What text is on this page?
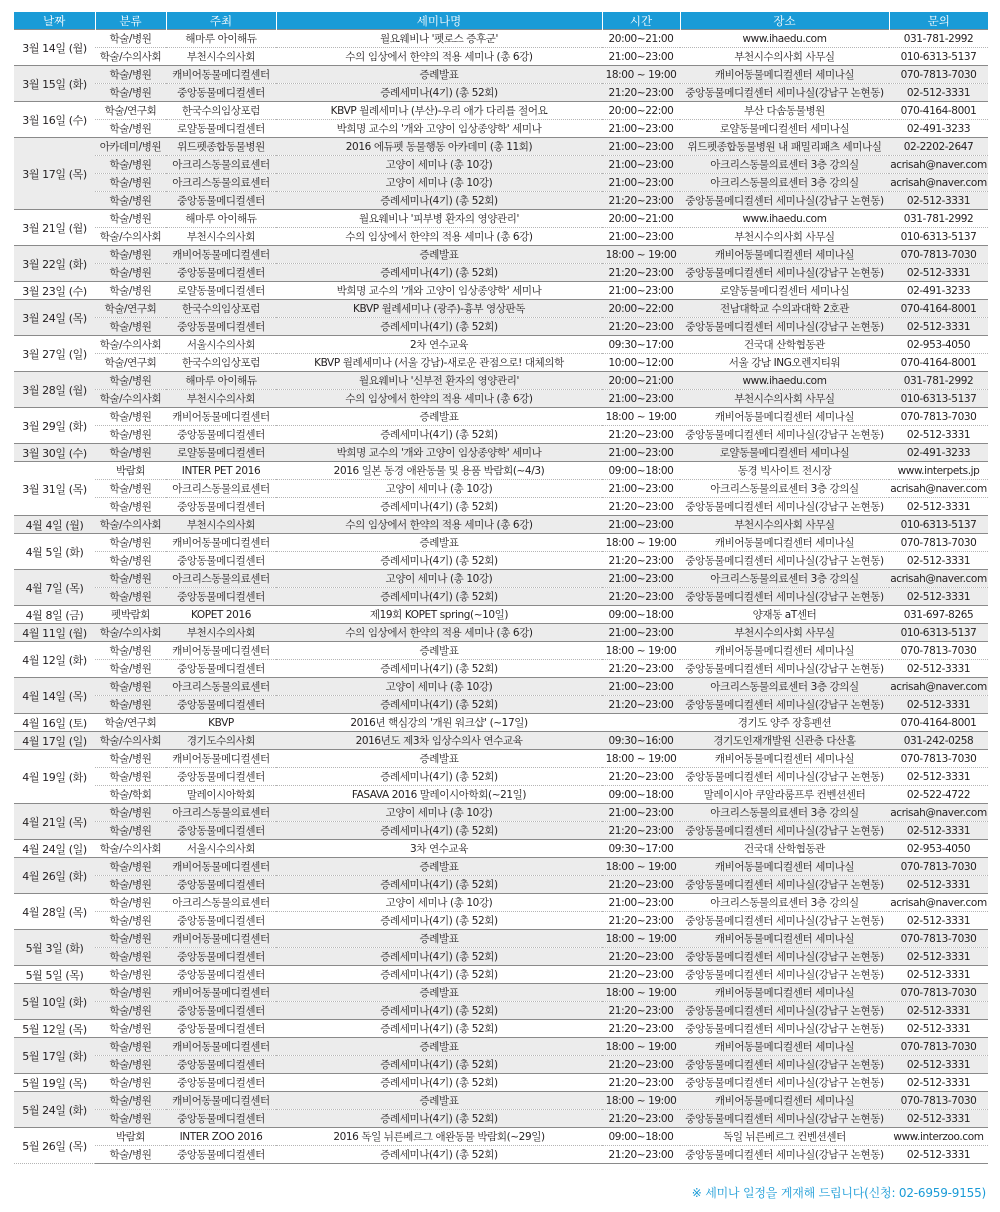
날짜	분류	주최	세미나명	시간	장소	문의
3월 14일 (월)	학술/병원	해마루 아이해듀	월요웨비나 '펫로스 증후군'	20:00~21:00	www.ihaedu.com	031-781-2992
	학술/수의사회	부천시수의사회	수의 임상에서 한약의 적용 세미나 (총 6강)	21:00~23:00	부천시수의사회 사무실	010-6313-5137
3월 15일 (화)	학술/병원	캐비어동물메디컬센터	증례발표	18:00 ~ 19:00	캐비어동물메디컬센터 세미나실	070-7813-7030
	학술/병원	중앙동물메디컬센터	증례세미나(4기) (총 52회)	21:20~23:00	중앙동물메디컬센터 세미나실(강남구 논현동)	02-512-3331
3월 16일 (수)	학술/연구회	한국수의임상포럼	KBVP 월례세미나 (부산)-우리 애가 다리를 절어요	20:00~22:00	부산 다솜동물병원	070-4164-8001
	학술/병원	로얄동물메디컬센터	박희명 교수의 '개와 고양이 임상종양학' 세미나	21:00~23:00	로얄동물메디컬센터 세미나실	02-491-3233
3월 17일 (목)	아카데미/병원	위드펫종합동물병원	2016 에듀펫 동물행동 아카데미 (총 11회)	21:00~23:00	위드펫종합동물병원 내 패밀리패츠 세미나실	02-2202-2647
	학술/병원	아크리스동물의료센터	고양이 세미나 (총 10강)	21:00~23:00	아크리스동물의료센터 3층 강의실	acrisah@naver.com
	학술/병원	아크리스동물의료센터	고양이 세미나 (총 10강)	21:00~23:00	아크리스동물의료센터 3층 강의실	acrisah@naver.com
	학술/병원	중앙동물메디컬센터	증례세미나(4기) (총 52회)	21:20~23:00	중앙동물메디컬센터 세미나실(강남구 논현동)	02-512-3331
3월 21일 (월)	학술/병원	해마루 아이해듀	월요웨비나 '피부병 환자의 영양관리'	20:00~21:00	www.ihaedu.com	031-781-2992
	학술/수의사회	부천시수의사회	수의 임상에서 한약의 적용 세미나 (총 6강)	21:00~23:00	부천시수의사회 사무실	010-6313-5137
3월 22일 (화)	학술/병원	캐비어동물메디컬센터	증례발표	18:00 ~ 19:00	캐비어동물메디컬센터 세미나실	070-7813-7030
	학술/병원	중앙동물메디컬센터	증례세미나(4기) (총 52회)	21:20~23:00	중앙동물메디컬센터 세미나실(강남구 논현동)	02-512-3331
3월 23일 (수)	학술/병원	로얄동물메디컬센터	박희명 교수의 '개와 고양이 임상종양학' 세미나	21:00~23:00	로얄동물메디컬센터 세미나실	02-491-3233
3월 24일 (목)	학술/연구회	한국수의임상포럼	KBVP 월례세미나 (광주)-흉부 영상판독	20:00~22:00	전남대학교 수의과대학 2호관	070-4164-8001
	학술/병원	중앙동물메디컬센터	증례세미나(4기) (총 52회)	21:20~23:00	중앙동물메디컬센터 세미나실(강남구 논현동)	02-512-3331
3월 27일 (일)	학술/수의사회	서울시수의사회	2차 연수교육	09:30~17:00	건국대 산학협동관	02-953-4050
	학술/연구회	한국수의임상포럼	KBVP 월례세미나 (서울 강남)-새로운 관점으로! 대체의학	10:00~12:00	서울 강남 ING오렌지티워	070-4164-8001
3월 28일 (월)	학술/병원	해마루 아이해듀	월요웨비나 '신부전 환자의 영양관리'	20:00~21:00	www.ihaedu.com	031-781-2992
	학술/수의사회	부천시수의사회	수의 임상에서 한약의 적용 세미나 (총 6강)	21:00~23:00	부천시수의사회 사무실	010-6313-5137
3월 29일 (화)	학술/병원	캐비어동물메디컬센터	증례발표	18:00 ~ 19:00	캐비어동물메디컬센터 세미나실	070-7813-7030
	학술/병원	중앙동물메디컬센터	증례세미나(4기) (총 52회)	21:20~23:00	중앙동물메디컬센터 세미나실(강남구 논현동)	02-512-3331
3월 30일 (수)	학술/병원	로얄동물메디컬센터	박희명 교수의 '개와 고양이 임상종양학' 세미나	21:00~23:00	로얄동물메디컬센터 세미나실	02-491-3233
3월 31일 (목)	박람회	INTER PET 2016	2016 일본 동경 애완동물 및 용품 박람회(~4/3)	09:00~18:00	동경 빅사이트 전시장	www.interpets.jp
	학술/병원	아크리스동물의료센터	고양이 세미나 (총 10강)	21:00~23:00	아크리스동물의료센터 3층 강의실	acrisah@naver.com
	학술/병원	중앙동물메디컬센터	증례세미나(4기) (총 52회)	21:20~23:00	중앙동물메디컬센터 세미나실(강남구 논현동)	02-512-3331
4월 4일 (월)	학술/수의사회	부천시수의사회	수의 임상에서 한약의 적용 세미나 (총 6강)	21:00~23:00	부천시수의사회 사무실	010-6313-5137
4월 5일 (화)	학술/병원	캐비어동물메디컬센터	증례발표	18:00 ~ 19:00	캐비어동물메디컬센터 세미나실	070-7813-7030
	학술/병원	중앙동물메디컬센터	증례세미나(4기) (총 52회)	21:20~23:00	중앙동물메디컬센터 세미나실(강남구 논현동)	02-512-3331
4월 7일 (목)	학술/병원	아크리스동물의료센터	고양이 세미나 (총 10강)	21:00~23:00	아크리스동물의료센터 3층 강의실	acrisah@naver.com
	학술/병원	중앙동물메디컬센터	증례세미나(4기) (총 52회)	21:20~23:00	중앙동물메디컬센터 세미나실(강남구 논현동)	02-512-3331
4월 8일 (금)	펫박람회	KOPET 2016	제19회 KOPET spring(~10일)	09:00~18:00	양재동 aT센터	031-697-8265
4월 11일 (월)	학술/수의사회	부천시수의사회	수의 임상에서 한약의 적용 세미나 (총 6강)	21:00~23:00	부천시수의사회 사무실	010-6313-5137
4월 12일 (화)	학술/병원	캐비어동물메디컬센터	증례발표	18:00 ~ 19:00	캐비어동물메디컬센터 세미나실	070-7813-7030
	학술/병원	중앙동물메디컬센터	증례세미나(4기) (총 52회)	21:20~23:00	중앙동물메디컬센터 세미나실(강남구 논현동)	02-512-3331
4월 14일 (목)	학술/병원	아크리스동물의료센터	고양이 세미나 (총 10강)	21:00~23:00	아크리스동물의료센터 3층 강의실	acrisah@naver.com
	학술/병원	중앙동물메디컬센터	증례세미나(4기) (총 52회)	21:20~23:00	중앙동물메디컬센터 세미나실(강남구 논현동)	02-512-3331
4월 16일 (토)	학술/연구회	KBVP	2016년 핵심강의 '개원 워크샵' (~17일)		경기도 양주 장흥펜션	070-4164-8001
4월 17일 (일)	학술/수의사회	경기도수의사회	2016년도 제3차 임상수의사 연수교육	09:30~16:00	경기도인재개발원 신관층 다산홀	031-242-0258
4월 19일 (화)	학술/병원	캐비어동물메디컬센터	증례발표	18:00 ~ 19:00	캐비어동물메디컬센터 세미나실	070-7813-7030
	학술/병원	중앙동물메디컬센터	증례세미나(4기) (총 52회)	21:20~23:00	중앙동물메디컬센터 세미나실(강남구 논현동)	02-512-3331
	학술/학회	말레이시아학회	FASAVA 2016 말레이시아학회(~21일)	09:00~18:00	말레이시아 쿠알라룸프루 컨벤션센터	02-522-4722
4월 21일 (목)	학술/병원	아크리스동물의료센터	고양이 세미나 (총 10강)	21:00~23:00	아크리스동물의료센터 3층 강의실	acrisah@naver.com
	학술/병원	중앙동물메디컬센터	증례세미나(4기) (총 52회)	21:20~23:00	중앙동물메디컬센터 세미나실(강남구 논현동)	02-512-3331
4월 24일 (일)	학술/수의사회	서울시수의사회	3차 연수교육	09:30~17:00	건국대 산학협동관	02-953-4050
4월 26일 (화)	학술/병원	캐비어동물메디컬센터	증례발표	18:00 ~ 19:00	캐비어동물메디컬센터 세미나실	070-7813-7030
	학술/병원	중앙동물메디컬센터	증례세미나(4기) (총 52회)	21:20~23:00	중앙동물메디컬센터 세미나실(강남구 논현동)	02-512-3331
4월 28일 (목)	학술/병원	아크리스동물의료센터	고양이 세미나 (총 10강)	21:00~23:00	아크리스동물의료센터 3층 강의실	acrisah@naver.com
	학술/병원	중앙동물메디컬센터	증례세미나(4기) (총 52회)	21:20~23:00	중앙동물메디컬센터 세미나실(강남구 논현동)	02-512-3331
5월 3일 (화)	학술/병원	캐비어동물메디컬센터	증례발표	18:00 ~ 19:00	캐비어동물메디컬센터 세미나실	070-7813-7030
	학술/병원	중앙동물메디컬센터	증례세미나(4기) (총 52회)	21:20~23:00	중앙동물메디컬센터 세미나실(강남구 논현동)	02-512-3331
5월 5일 (목)	학술/병원	중앙동물메디컬센터	증례세미나(4기) (총 52회)	21:20~23:00	중앙동물메디컬센터 세미나실(강남구 논현동)	02-512-3331
5월 10일 (화)	학술/병원	캐비어동물메디컬센터	증례발표	18:00 ~ 19:00	캐비어동물메디컬센터 세미나실	070-7813-7030
	학술/병원	중앙동물메디컬센터	증례세미나(4기) (총 52회)	21:20~23:00	중앙동물메디컬센터 세미나실(강남구 논현동)	02-512-3331
5월 12일 (목)	학술/병원	중앙동물메디컬센터	증례세미나(4기) (총 52회)	21:20~23:00	중앙동물메디컬센터 세미나실(강남구 논현동)	02-512-3331
5월 17일 (화)	학술/병원	캐비어동물메디컬센터	증례발표	18:00 ~ 19:00	캐비어동물메디컬센터 세미나실	070-7813-7030
	학술/병원	중앙동물메디컬센터	증례세미나(4기) (총 52회)	21:20~23:00	중앙동물메디컬센터 세미나실(강남구 논현동)	02-512-3331
5월 19일 (목)	학술/병원	중앙동물메디컬센터	증례세미나(4기) (총 52회)	21:20~23:00	중앙동물메디컬센터 세미나실(강남구 논현동)	02-512-3331
5월 24일 (화)	학술/병원	캐비어동물메디컬센터	증례발표	18:00 ~ 19:00	캐비어동물메디컬센터 세미나실	070-7813-7030
	학술/병원	중앙동물메디컬센터	증례세미나(4기) (총 52회)	21:20~23:00	중앙동물메디컬센터 세미나실(강남구 논현동)	02-512-3331
5월 26일 (목)	박람회	INTER ZOO 2016	2016 독일 뉘른베르그 애완동물 박람회(~29일)	09:00~18:00	독일 뉘른베르그 컨벤션센터	www.interzoo.com
	학술/병원	중앙동물메디컬센터	증례세미나(4기) (총 52회)	21:20~23:00	중앙동물메디컬센터 세미나실(강남구 논현동)	02-512-3331
※ 세미나 일정을 게재해 드립니다(신청: 02-6959-9155)
